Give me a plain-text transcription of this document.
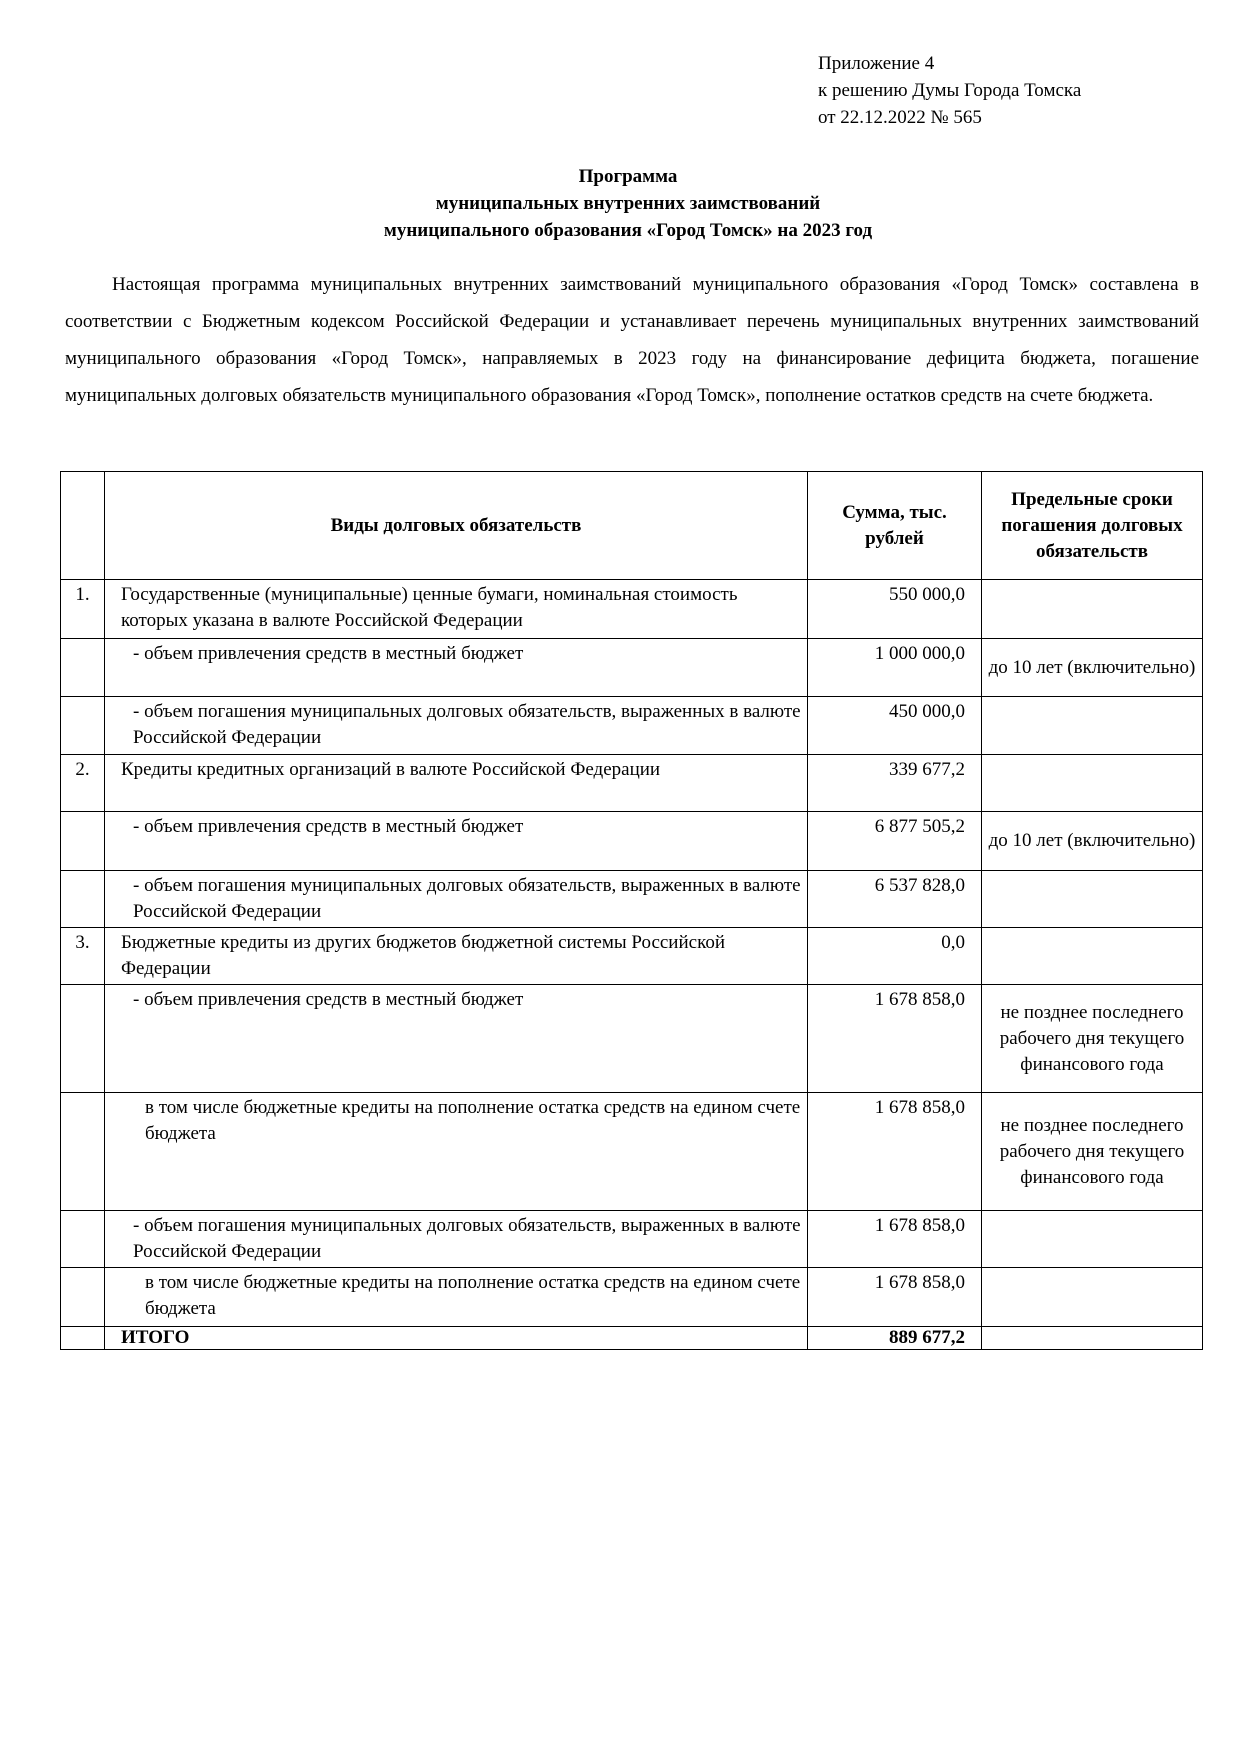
Приложение 4
к решению Думы Города Томска
от 22.12.2022 № 565
Программа
муниципальных внутренних заимствований
муниципального образования «Город Томск» на 2023 год
Настоящая программа муниципальных внутренних заимствований муниципального образования «Город Томск» составлена в соответствии с Бюджетным кодексом Российской Федерации и устанавливает перечень муниципальных внутренних заимствований муниципального образования «Город Томск», направляемых в 2023 году на финансирование дефицита бюджета, погашение муниципальных долговых обязательств муниципального образования «Город Томск», пополнение остатков средств на счете бюджета.
	Виды долговых обязательств	Сумма, тыс. рублей	Предельные сроки погашения долговых обязательств
1.	Государственные (муниципальные) ценные бумаги, номинальная стоимость которых указана в валюте Российской Федерации	550 000,0	
	- объем привлечения средств в местный бюджет	1 000 000,0	до 10 лет (включительно)
	- объем погашения муниципальных долговых обязательств, выраженных в валюте Российской Федерации	450 000,0	
2.	Кредиты кредитных организаций в валюте Российской Федерации	339 677,2	
	- объем привлечения средств в местный бюджет	6 877 505,2	до 10 лет (включительно)
	- объем погашения муниципальных долговых обязательств, выраженных в валюте Российской Федерации	6 537 828,0	
3.	Бюджетные кредиты из других бюджетов бюджетной системы Российской Федерации	0,0	
	- объем привлечения средств в местный бюджет	1 678 858,0	не позднее последнего рабочего дня текущего финансового года
	в том числе бюджетные кредиты на пополнение остатка средств на едином счете бюджета	1 678 858,0	не позднее последнего рабочего дня текущего финансового года
	- объем погашения муниципальных долговых обязательств, выраженных в валюте Российской Федерации	1 678 858,0	
	в том числе бюджетные кредиты на пополнение остатка средств на едином счете бюджета	1 678 858,0	
	ИТОГО	889 677,2	
